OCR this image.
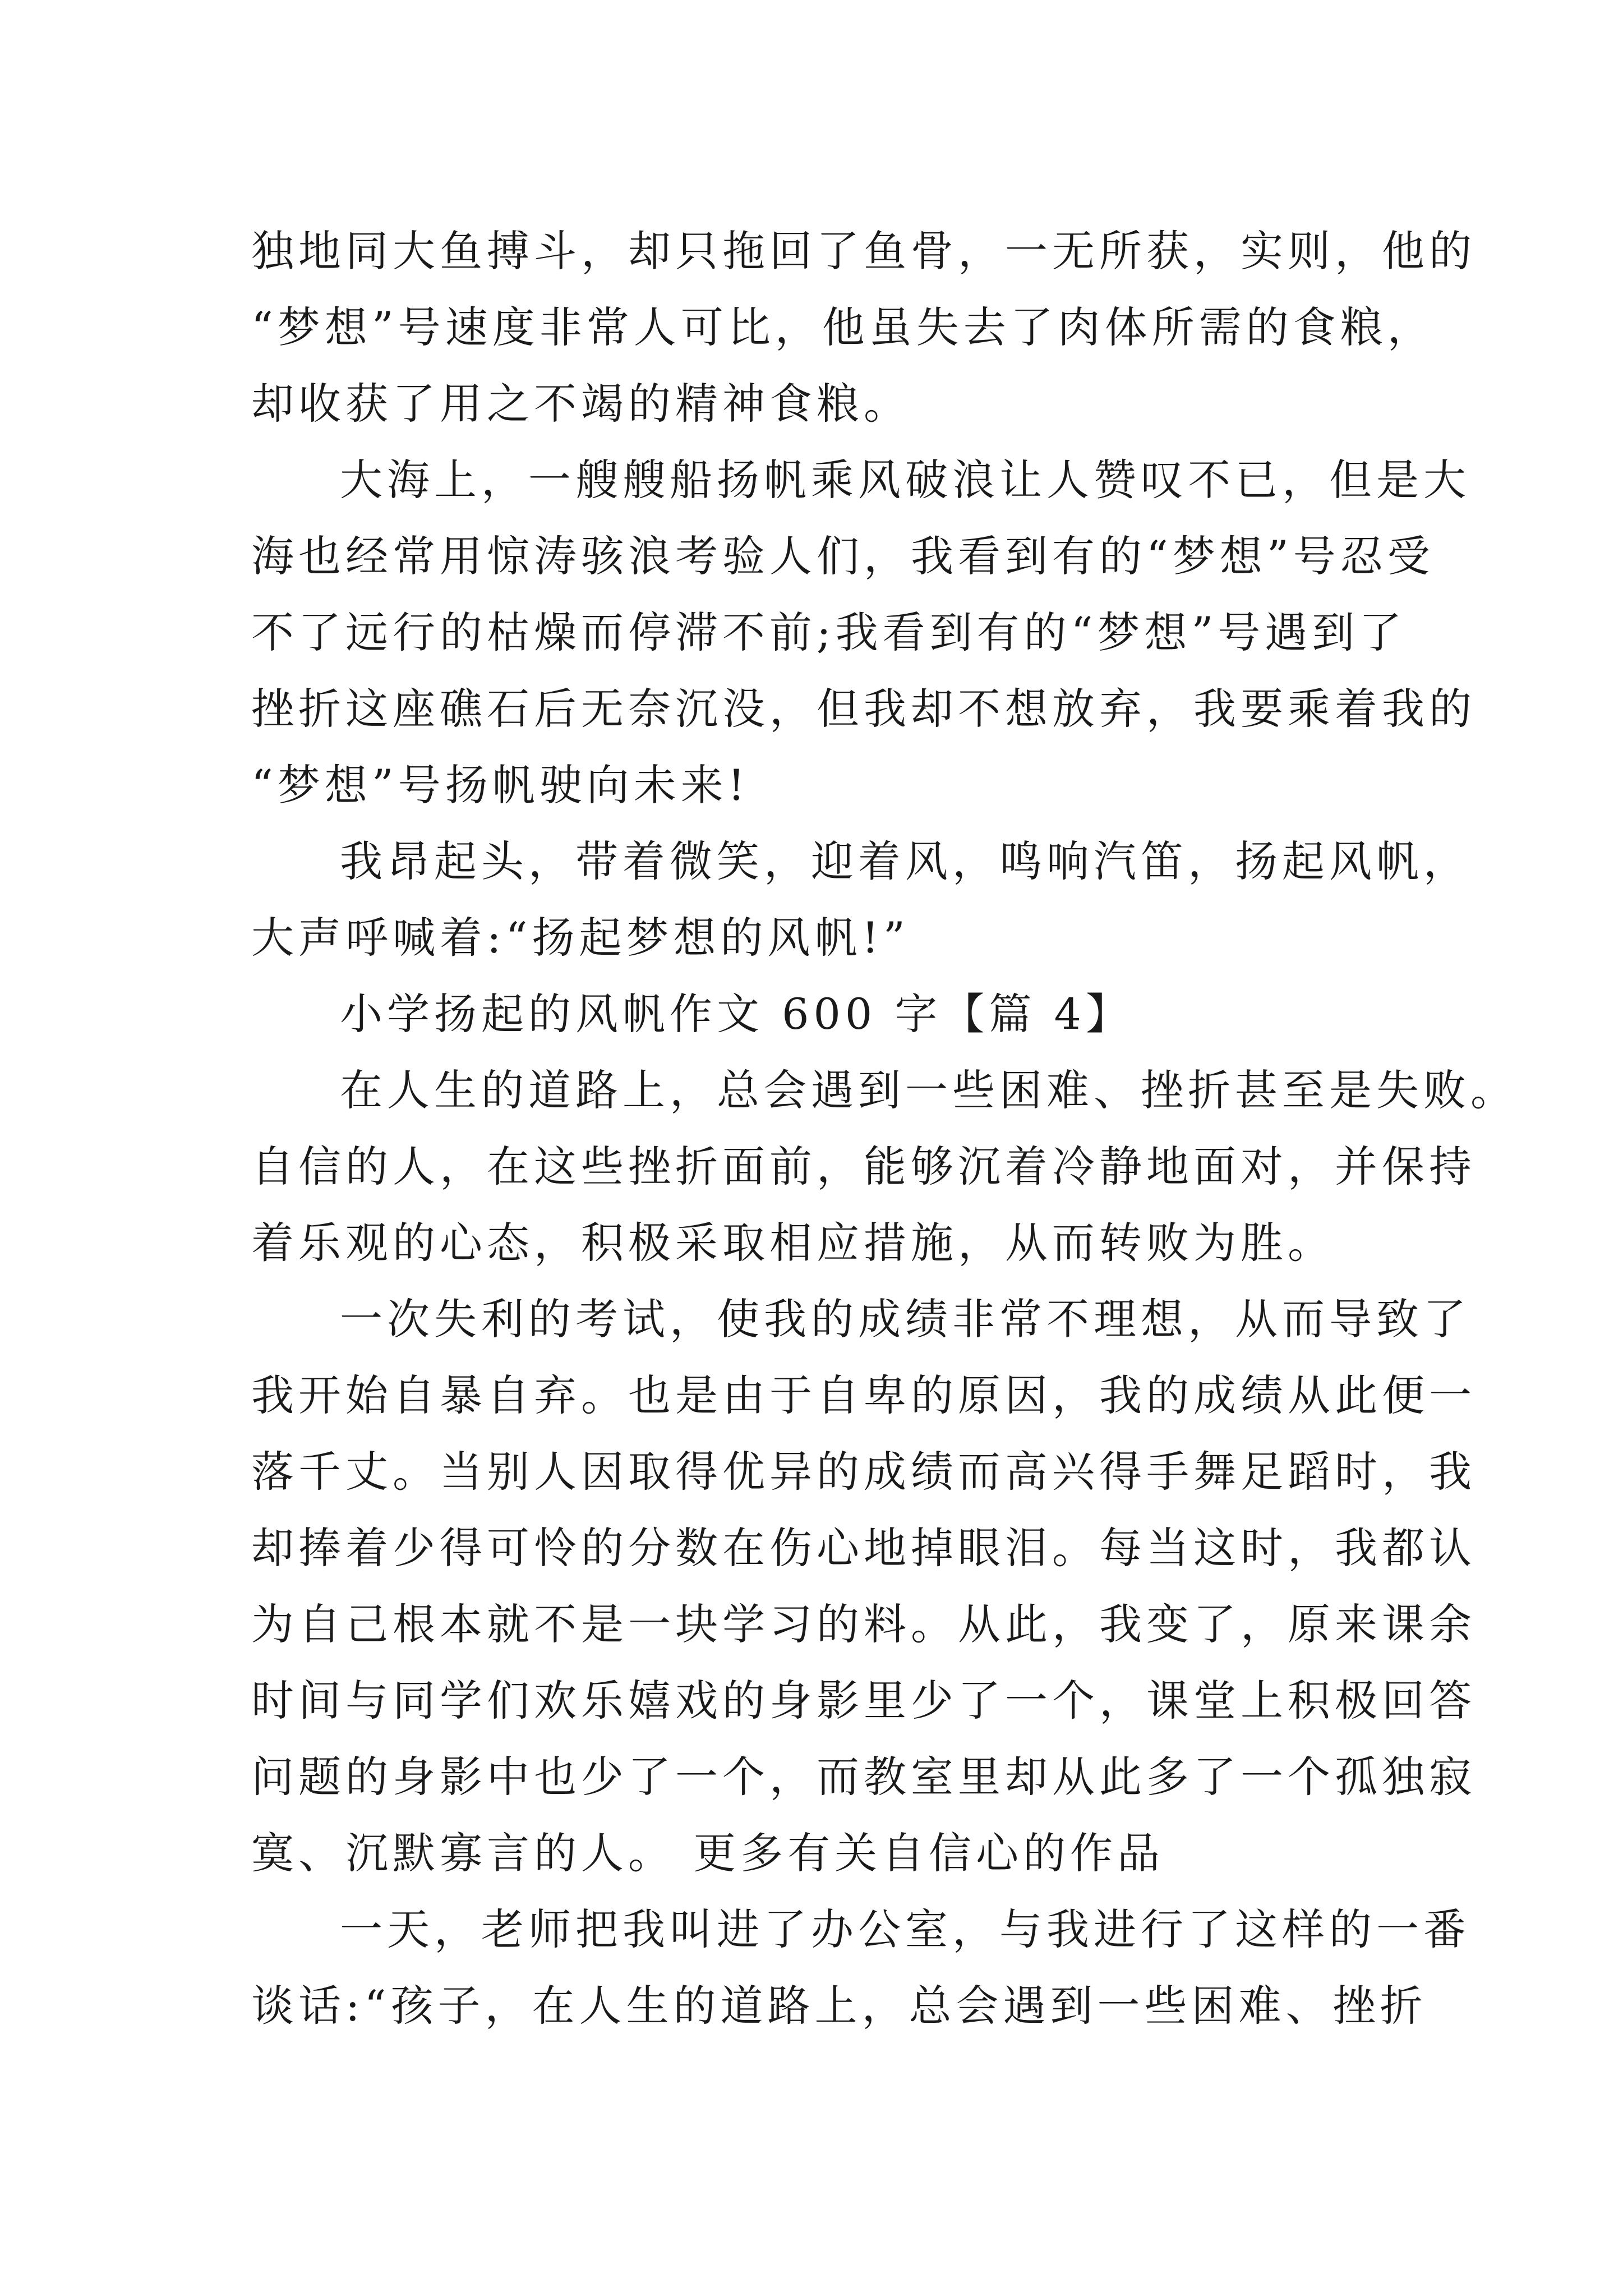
独地同大鱼搏斗，却只拖回了鱼骨，一无所获，实则，他的
“梦想”号速度非常人可比，他虽失去了肉体所需的食粮，
却收获了用之不竭的精神食粮。
大海上，一艘艘船扬帆乘风破浪让人赞叹不已，但是大
海也经常用惊涛骇浪考验人们，我看到有的“梦想”号忍受
不了远行的枯燥而停滞不前;我看到有的“梦想”号遇到了
挫折这座礁石后无奈沉没，但我却不想放弃，我要乘着我的
“梦想”号扬帆驶向未来!
我昂起头，带着微笑，迎着风，鸣响汽笛，扬起风帆，
大声呼喊着:“扬起梦想的风帆!”
小学扬起的风帆作文 600 字【篇 4】
在人生的道路上，总会遇到一些困难、挫折甚至是失败。
自信的人，在这些挫折面前，能够沉着冷静地面对，并保持
着乐观的心态，积极采取相应措施，从而转败为胜。
一次失利的考试，使我的成绩非常不理想，从而导致了
我开始自暴自弃。也是由于自卑的原因，我的成绩从此便一
落千丈。当别人因取得优异的成绩而高兴得手舞足蹈时，我
却捧着少得可怜的分数在伤心地掉眼泪。每当这时，我都认
为自己根本就不是一块学习的料。从此，我变了，原来课余
时间与同学们欢乐嬉戏的身影里少了一个，课堂上积极回答
问题的身影中也少了一个，而教室里却从此多了一个孤独寂
寞、沉默寡言的人。 更多有关自信心的作品
一天，老师把我叫进了办公室，与我进行了这样的一番
谈话:“孩子，在人生的道路上，总会遇到一些困难、挫折
